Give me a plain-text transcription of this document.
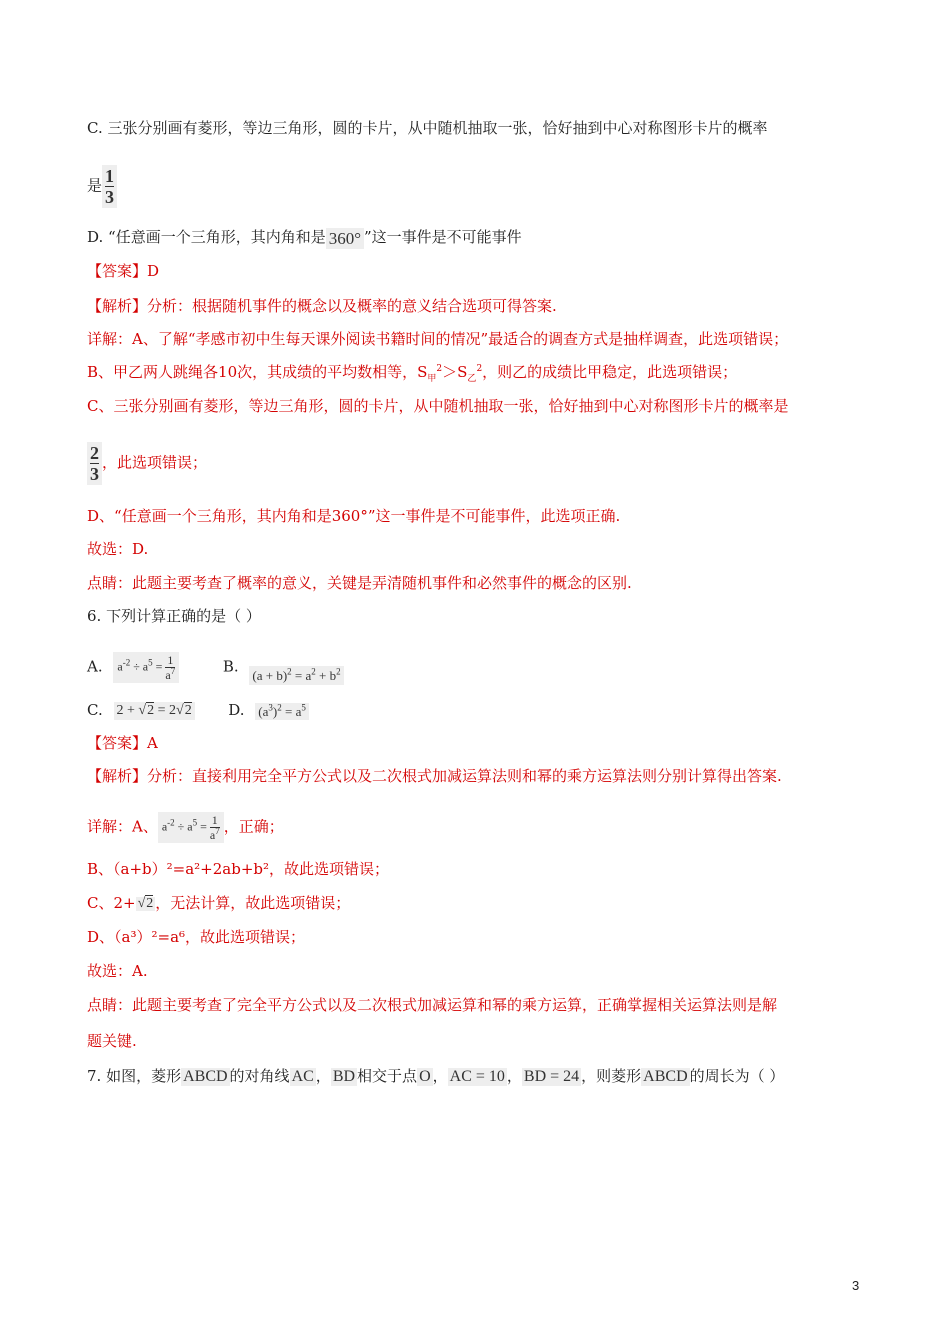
C. 三张分别画有菱形，等边三角形，圆的卡片，从中随机抽取一张，恰好抽到中心对称图形卡片的概率
是 $\frac{1}{3}$
D. “任意画一个三角形，其内角和是 360° ”这一事件是不可能事件
【答案】D
【解析】分析：根据随机事件的概念以及概率的意义结合选项可得答案.
详解：A、了解“孝感市初中生每天课外阅读书籍时间的情况”最适合的调查方式是抽样调查，此选项错误；
B、甲乙两人跳绳各10次，其成绩的平均数相等，$S_甲^2>S_乙^2$，则乙的成绩比甲稳定，此选项错误；
C、三张分别画有菱形，等边三角形，圆的卡片，从中随机抽取一张，恰好抽到中心对称图形卡片的概率是
$\frac{2}{3}$ ，此选项错误；
D、“任意画一个三角形，其内角和是360°”这一事件是不可能事件，此选项正确.
故选：D.
点睛：此题主要考查了概率的意义，关键是弄清随机事件和必然事件的概念的区别.
6. 下列计算正确的是（ ）
A. $a^{-2} \div a^5 = \frac{1}{a^7}$	B. $(a + b)^2 = a^2 + b^2$
C. 2 + √2 = 2√2 D. $(a^3)^2 = a^5$
【答案】A
【解析】分析：直接利用完全平方公式以及二次根式加减运算法则和幂的乘方运算法则分别计算得出答案.
详解：A、 $a^{-2} \div a^5 = \frac{1}{a^7}$ ，正确；
B、（a+b）²=a²+2ab+b²，故此选项错误；
C、2+ √2 ，无法计算，故此选项错误；
D、（a³）²=a⁶，故此选项错误；
故选：A.
点睛：此题主要考查了完全平方公式以及二次根式加减运算和幂的乘方运算，正确掌握相关运算法则是解
题关键.
7. 如图，菱形 ABCD 的对角线 AC ， BD 相交于点 O ， AC = 10 ， BD = 24 ，则菱形 ABCD 的周长为（ ）
3
